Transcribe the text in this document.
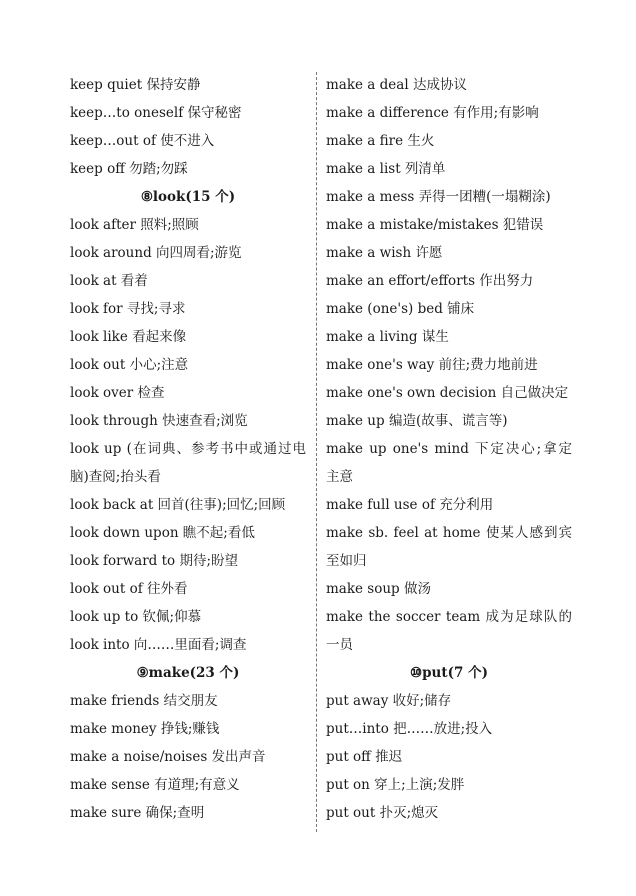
keep quiet 保持安静
keep…to oneself 保守秘密
keep…out of 使不进入
keep off 勿踏;勿踩
⑧look(15 个)
look after 照料;照顾
look around 向四周看;游览
look at 看着
look for 寻找;寻求
look like 看起来像
look out 小心;注意
look over 检查
look through 快速查看;浏览
look up (在词典、参考书中或通过电
脑)查阅;抬头看
look back at 回首(往事);回忆;回顾
look down upon 瞧不起;看低
look forward to 期待;盼望
look out of 往外看
look up to 钦佩;仰慕
look into 向……里面看;调查
⑨make(23 个)
make friends 结交朋友
make money 挣钱;赚钱
make a noise/noises 发出声音
make sense 有道理;有意义
make sure 确保;查明
make a deal 达成协议
make a difference 有作用;有影响
make a fire 生火
make a list 列清单
make a mess 弄得一团糟(一塌糊涂)
make a mistake/mistakes 犯错误
make a wish 许愿
make an effort/efforts 作出努力
make (one's) bed 铺床
make a living 谋生
make one's way 前往;费力地前进
make one's own decision 自己做决定
make up 编造(故事、谎言等)
make up one's mind 下定决心;拿定
主意
make full use of 充分利用
make sb. feel at home 使某人感到宾
至如归
make soup 做汤
make the soccer team 成为足球队的
一员
⑩put(7 个)
put away 收好;储存
put…into 把……放进;投入
put off 推迟
put on 穿上;上演;发胖
put out 扑灭;熄灭
